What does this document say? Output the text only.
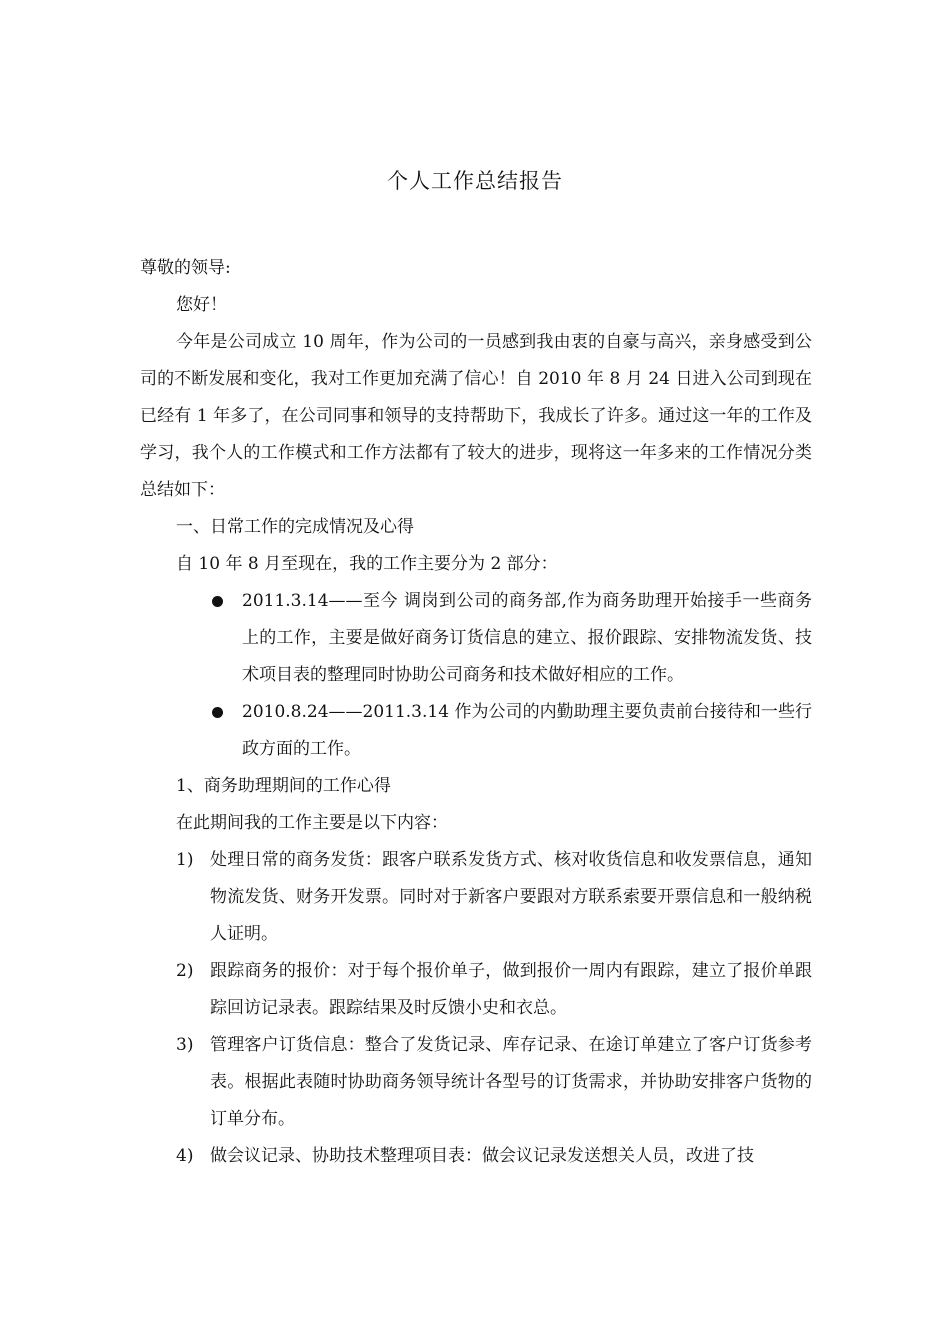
个人工作总结报告

尊敬的领导:

您好！

今年是公司成立 10 周年，作为公司的一员感到我由衷的自豪与高兴，亲身感受到公司的不断发展和变化，我对工作更加充满了信心！自 2010 年 8 月 24 日进入公司到现在已经有 1 年多了，在公司同事和领导的支持帮助下，我成长了许多。通过这一年的工作及学习，我个人的工作模式和工作方法都有了较大的进步，现将这一年多来的工作情况分类总结如下：

一、日常工作的完成情况及心得

自 10 年 8 月至现在，我的工作主要分为 2 部分：

2011.3.14——至今 调岗到公司的商务部,作为商务助理开始接手一些商务上的工作，主要是做好商务订货信息的建立、报价跟踪、安排物流发货、技术项目表的整理同时协助公司商务和技术做好相应的工作。
2010.8.24——2011.3.14 作为公司的内勤助理主要负责前台接待和一些行政方面的工作。

1、商务助理期间的工作心得

在此期间我的工作主要是以下内容：

1) 处理日常的商务发货：跟客户联系发货方式、核对收货信息和收发票信息，通知物流发货、财务开发票。同时对于新客户要跟对方联系索要开票信息和一般纳税人证明。
2) 跟踪商务的报价：对于每个报价单子，做到报价一周内有跟踪，建立了报价单跟踪回访记录表。跟踪结果及时反馈小史和衣总。
3) 管理客户订货信息：整合了发货记录、库存记录、在途订单建立了客户订货参考表。根据此表随时协助商务领导统计各型号的订货需求，并协助安排客户货物的订单分布。
4) 做会议记录、协助技术整理项目表：做会议记录发送想关人员，改进了技
